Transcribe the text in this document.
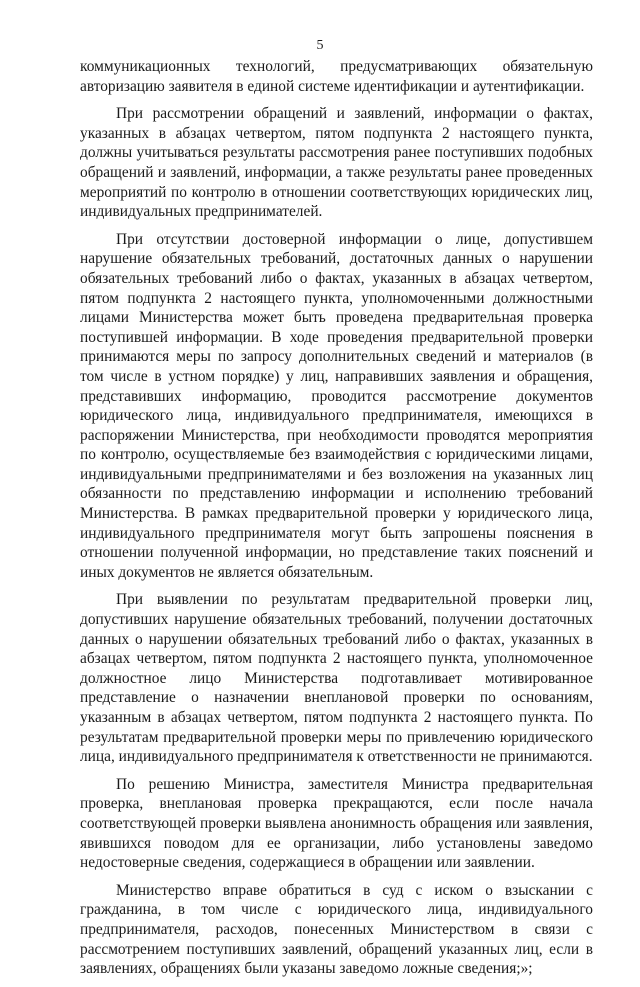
5

коммуникационных технологий, предусматривающих обязательную авторизацию заявителя в единой системе идентификации и аутентификации.

При рассмотрении обращений и заявлений, информации о фактах, указанных в абзацах четвертом, пятом подпункта 2 настоящего пункта, должны учитываться результаты рассмотрения ранее поступивших подобных обращений и заявлений, информации, а также результаты ранее проведенных мероприятий по контролю в отношении соответствующих юридических лиц, индивидуальных предпринимателей.

При отсутствии достоверной информации о лице, допустившем нарушение обязательных требований, достаточных данных о нарушении обязательных требований либо о фактах, указанных в абзацах четвертом, пятом подпункта 2 настоящего пункта, уполномоченными должностными лицами Министерства может быть проведена предварительная проверка поступившей информации. В ходе проведения предварительной проверки принимаются меры по запросу дополнительных сведений и материалов (в том числе в устном порядке) у лиц, направивших заявления и обращения, представивших информацию, проводится рассмотрение документов юридического лица, индивидуального предпринимателя, имеющихся в распоряжении Министерства, при необходимости проводятся мероприятия по контролю, осуществляемые без взаимодействия с юридическими лицами, индивидуальными предпринимателями и без возложения на указанных лиц обязанности по представлению информации и исполнению требований Министерства. В рамках предварительной проверки у юридического лица, индивидуального предпринимателя могут быть запрошены пояснения в отношении полученной информации, но представление таких пояснений и иных документов не является обязательным.

При выявлении по результатам предварительной проверки лиц, допустивших нарушение обязательных требований, получении достаточных данных о нарушении обязательных требований либо о фактах, указанных в абзацах четвертом, пятом подпункта 2 настоящего пункта, уполномоченное должностное лицо Министерства подготавливает мотивированное представление о назначении внеплановой проверки по основаниям, указанным в абзацах четвертом, пятом подпункта 2 настоящего пункта. По результатам предварительной проверки меры по привлечению юридического лица, индивидуального предпринимателя к ответственности не принимаются.

По решению Министра, заместителя Министра предварительная проверка, внеплановая проверка прекращаются, если после начала соответствующей проверки выявлена анонимность обращения или заявления, явившихся поводом для ее организации, либо установлены заведомо недостоверные сведения, содержащиеся в обращении или заявлении.

Министерство вправе обратиться в суд с иском о взыскании с гражданина, в том числе с юридического лица, индивидуального предпринимателя, расходов, понесенных Министерством в связи с рассмотрением поступивших заявлений, обращений указанных лиц, если в заявлениях, обращениях были указаны заведомо ложные сведения;»;
